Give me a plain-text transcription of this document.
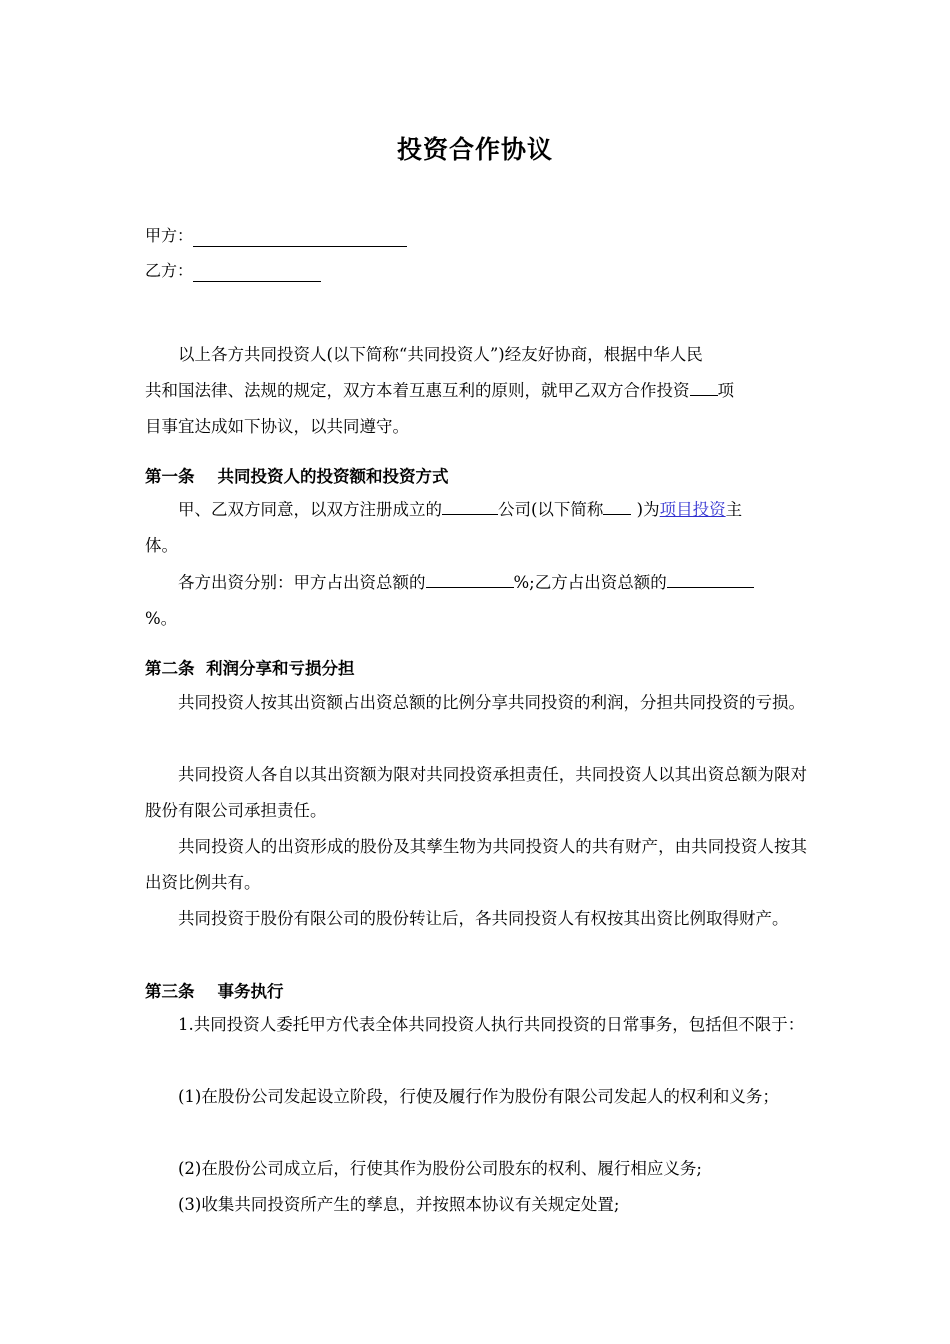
投资合作协议
甲方：
乙方：
以上各方共同投资人(以下简称“共同投资人”)经友好协商，根据中华人民
共和国法律、法规的规定，双方本着互惠互利的原则，就甲乙双方合作投资 项
目事宜达成如下协议，以共同遵守。
第一条    共同投资人的投资额和投资方式
甲、乙双方同意，以双方注册成立的	公司(以下简称 )为项目投资主
体。
各方出资分别：甲方占出资总额的	%;乙方占出资总额的
%。
第二条  利润分享和亏损分担
共同投资人按其出资额占出资总额的比例分享共同投资的利润，分担共同投资的亏损。
共同投资人各自以其出资额为限对共同投资承担责任，共同投资人以其出资总额为限对股份有限公司承担责任。
共同投资人的出资形成的股份及其孳生物为共同投资人的共有财产，由共同投资人按其出资比例共有。
共同投资于股份有限公司的股份转让后，各共同投资人有权按其出资比例取得财产。
第三条    事务执行
1.共同投资人委托甲方代表全体共同投资人执行共同投资的日常事务，包括但不限于：
(1)在股份公司发起设立阶段，行使及履行作为股份有限公司发起人的权利和义务；
(2)在股份公司成立后，行使其作为股份公司股东的权利、履行相应义务;
(3)收集共同投资所产生的孳息，并按照本协议有关规定处置;
